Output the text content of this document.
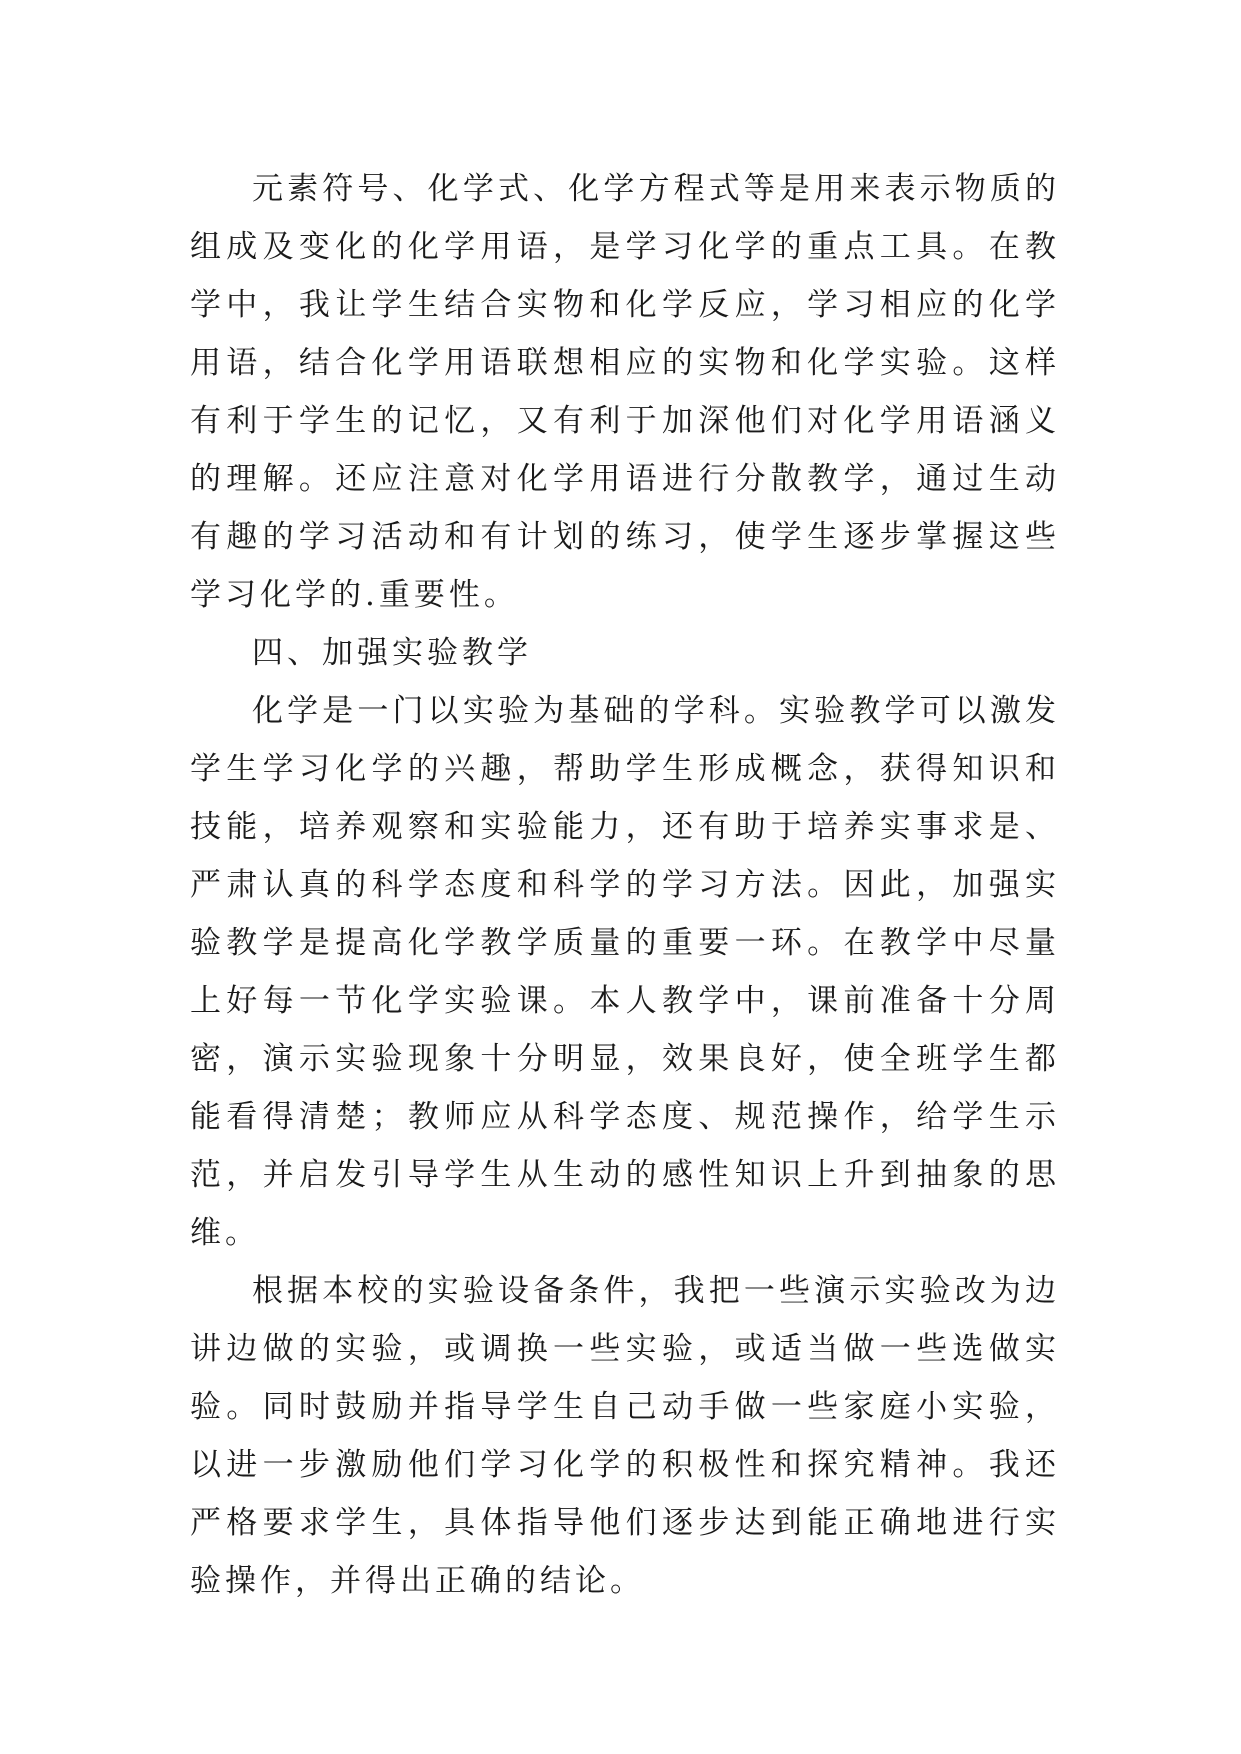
元素符号、化学式、化学方程式等是用来表示物质的组成及变化的化学用语，是学习化学的重点工具。在教学中，我让学生结合实物和化学反应，学习相应的化学用语，结合化学用语联想相应的实物和化学实验。这样有利于学生的记忆，又有利于加深他们对化学用语涵义的理解。还应注意对化学用语进行分散教学，通过生动有趣的学习活动和有计划的练习，使学生逐步掌握这些学习化学的.重要性。

四、加强实验教学

化学是一门以实验为基础的学科。实验教学可以激发学生学习化学的兴趣，帮助学生形成概念，获得知识和技能，培养观察和实验能力，还有助于培养实事求是、严肃认真的科学态度和科学的学习方法。因此，加强实验教学是提高化学教学质量的重要一环。在教学中尽量上好每一节化学实验课。本人教学中，课前准备十分周密，演示实验现象十分明显，效果良好，使全班学生都能看得清楚；教师应从科学态度、规范操作，给学生示范，并启发引导学生从生动的感性知识上升到抽象的思维。

根据本校的实验设备条件，我把一些演示实验改为边讲边做的实验，或调换一些实验，或适当做一些选做实验。同时鼓励并指导学生自己动手做一些家庭小实验，以进一步激励他们学习化学的积极性和探究精神。我还严格要求学生，具体指导他们逐步达到能正确地进行实验操作，并得出正确的结论。
